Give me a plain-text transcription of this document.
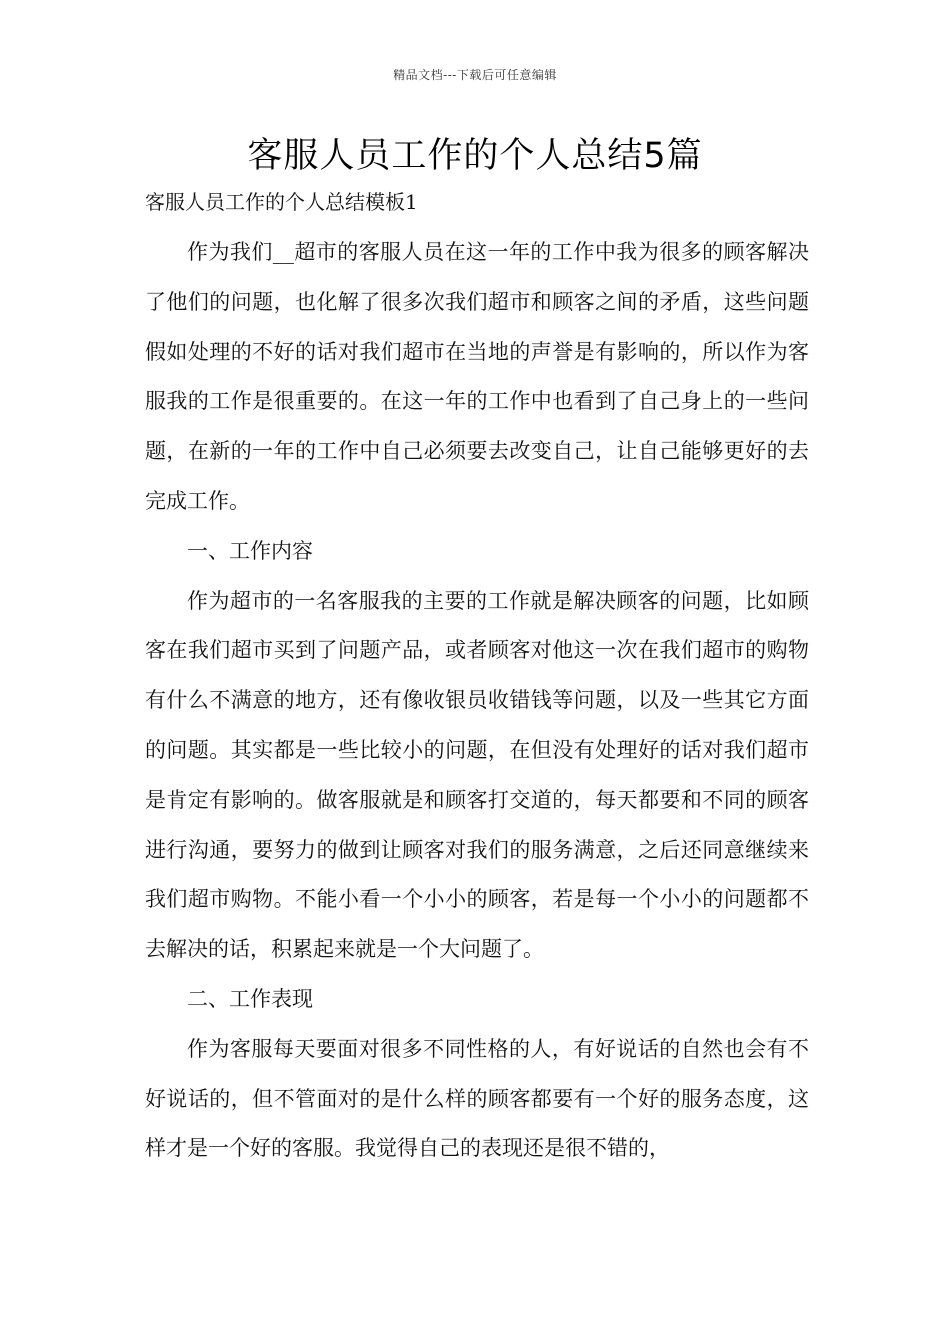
精品文档---下载后可任意编辑
客服人员工作的个人总结5篇
客服人员工作的个人总结模板1

作为我们__超市的客服人员在这一年的工作中我为很多的顾客解决了他们的问题，也化解了很多次我们超市和顾客之间的矛盾，这些问题假如处理的不好的话对我们超市在当地的声誉是有影响的，所以作为客服我的工作是很重要的。在这一年的工作中也看到了自己身上的一些问题，在新的一年的工作中自己必须要去改变自己，让自己能够更好的去完成工作。

一、工作内容

作为超市的一名客服我的主要的工作就是解决顾客的问题，比如顾客在我们超市买到了问题产品，或者顾客对他这一次在我们超市的购物有什么不满意的地方，还有像收银员收错钱等问题，以及一些其它方面的问题。其实都是一些比较小的问题，在但没有处理好的话对我们超市是肯定有影响的。做客服就是和顾客打交道的，每天都要和不同的顾客进行沟通，要努力的做到让顾客对我们的服务满意，之后还同意继续来我们超市购物。不能小看一个小小的顾客，若是每一个小小的问题都不去解决的话，积累起来就是一个大问题了。

二、工作表现

作为客服每天要面对很多不同性格的人，有好说话的自然也会有不好说话的，但不管面对的是什么样的顾客都要有一个好的服务态度，这样才是一个好的客服。我觉得自己的表现还是很不错的，
